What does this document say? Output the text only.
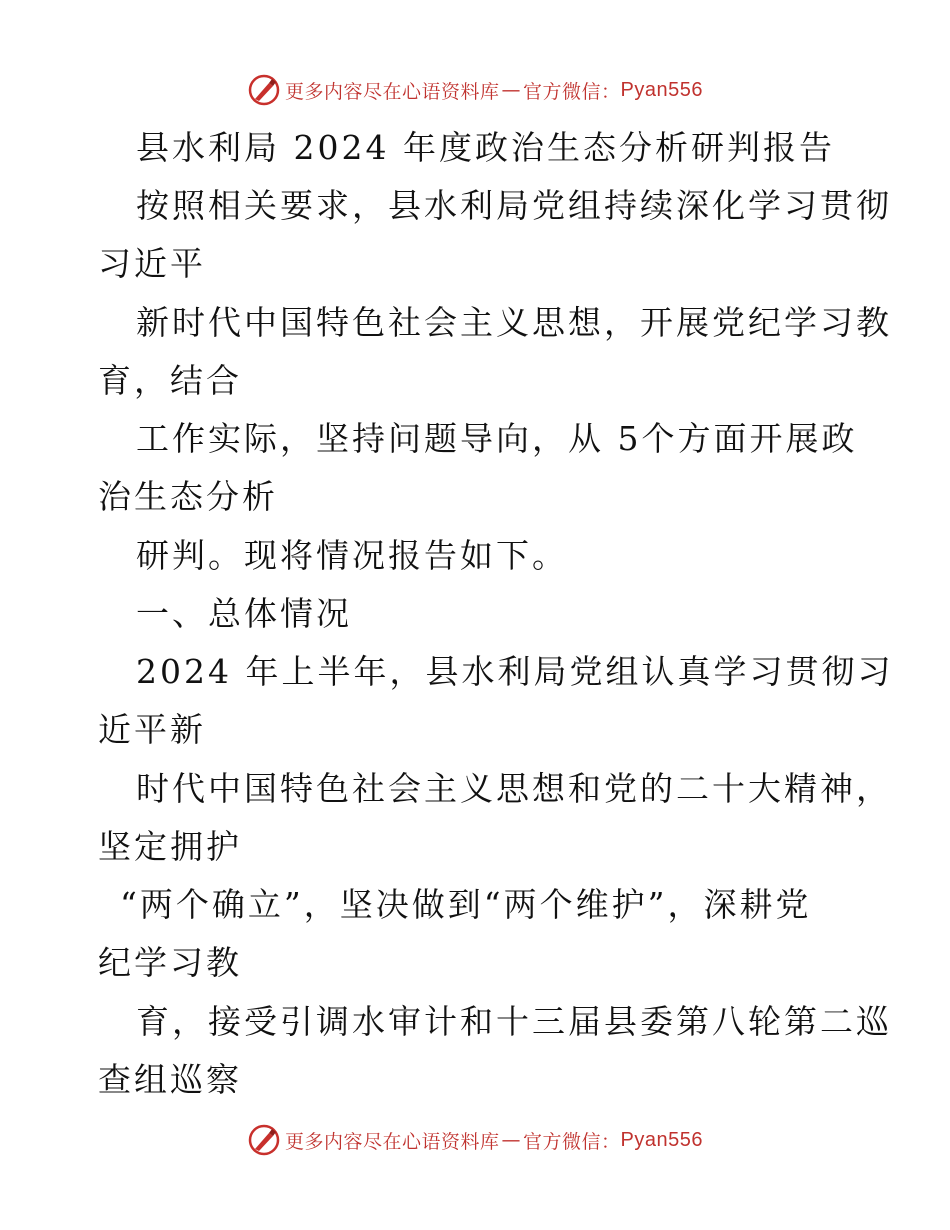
更多内容尽在心语资料库 — 官方微信： Pyan556
县水利局 2024 年度政治生态分析研判报告
按照相关要求，县水利局党组持续深化学习贯彻
习近平
新时代中国特色社会主义思想，开展党纪学习教
育，结合
工作实际，坚持问题导向，从 5个方面开展政
治生态分析
研判。现将情况报告如下。
一、总体情况
2024 年上半年，县水利局党组认真学习贯彻习
近平新
时代中国特色社会主义思想和党的二十大精神，
坚定拥护
“两个确立”，坚决做到“两个维护”，深耕党
纪学习教
育，接受引调水审计和十三届县委第八轮第二巡
查组巡察
更多内容尽在心语资料库 — 官方微信： Pyan556
